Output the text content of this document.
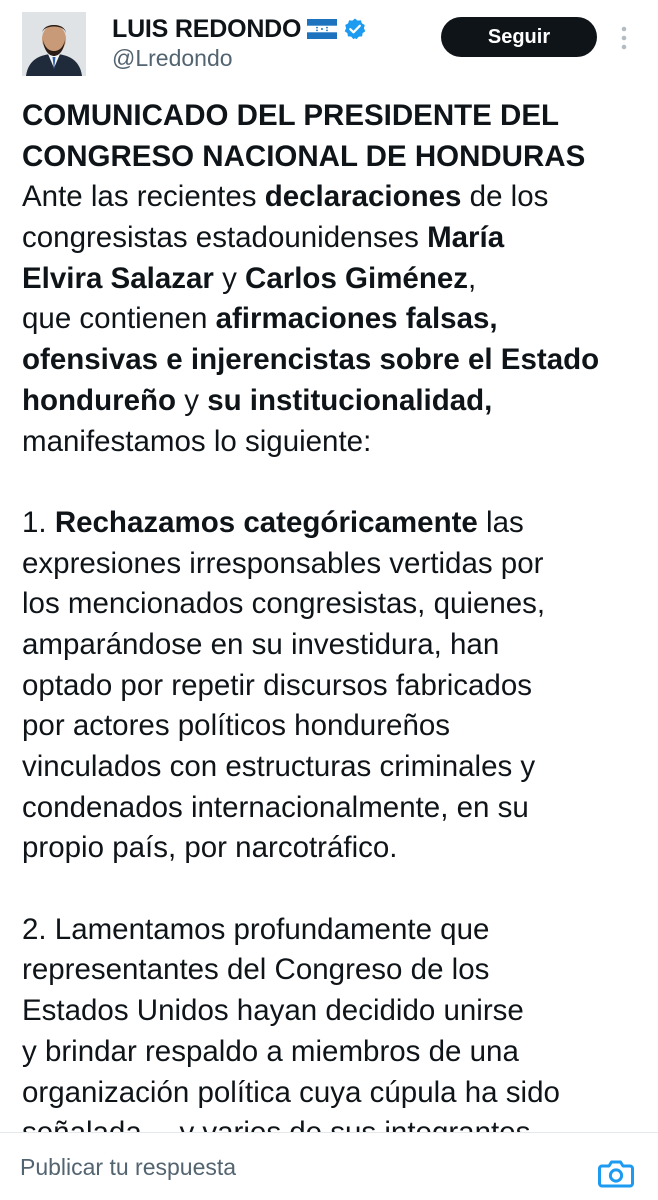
LUIS REDONDO
@Lredondo
Seguir
COMUNICADO DEL PRESIDENTE DEL
CONGRESO NACIONAL DE HONDURAS
Ante las recientes declaraciones de los
congresistas estadounidenses María
Elvira Salazar y Carlos Giménez,
que contienen afirmaciones falsas,
ofensivas e injerencistas sobre el Estado
hondureño y su institucionalidad,
manifestamos lo siguiente:
1. Rechazamos categóricamente las
expresiones irresponsables vertidas por
los mencionados congresistas, quienes,
amparándose en su investidura, han
optado por repetir discursos fabricados
por actores políticos hondureños
vinculados con estructuras criminales y
condenados internacionalmente, en su
propio país, por narcotráfico.
2. Lamentamos profundamente que
representantes del Congreso de los
Estados Unidos hayan decidido unirse
y brindar respaldo a miembros de una
organización política cuya cúpula ha sido
Publicar tu respuesta
